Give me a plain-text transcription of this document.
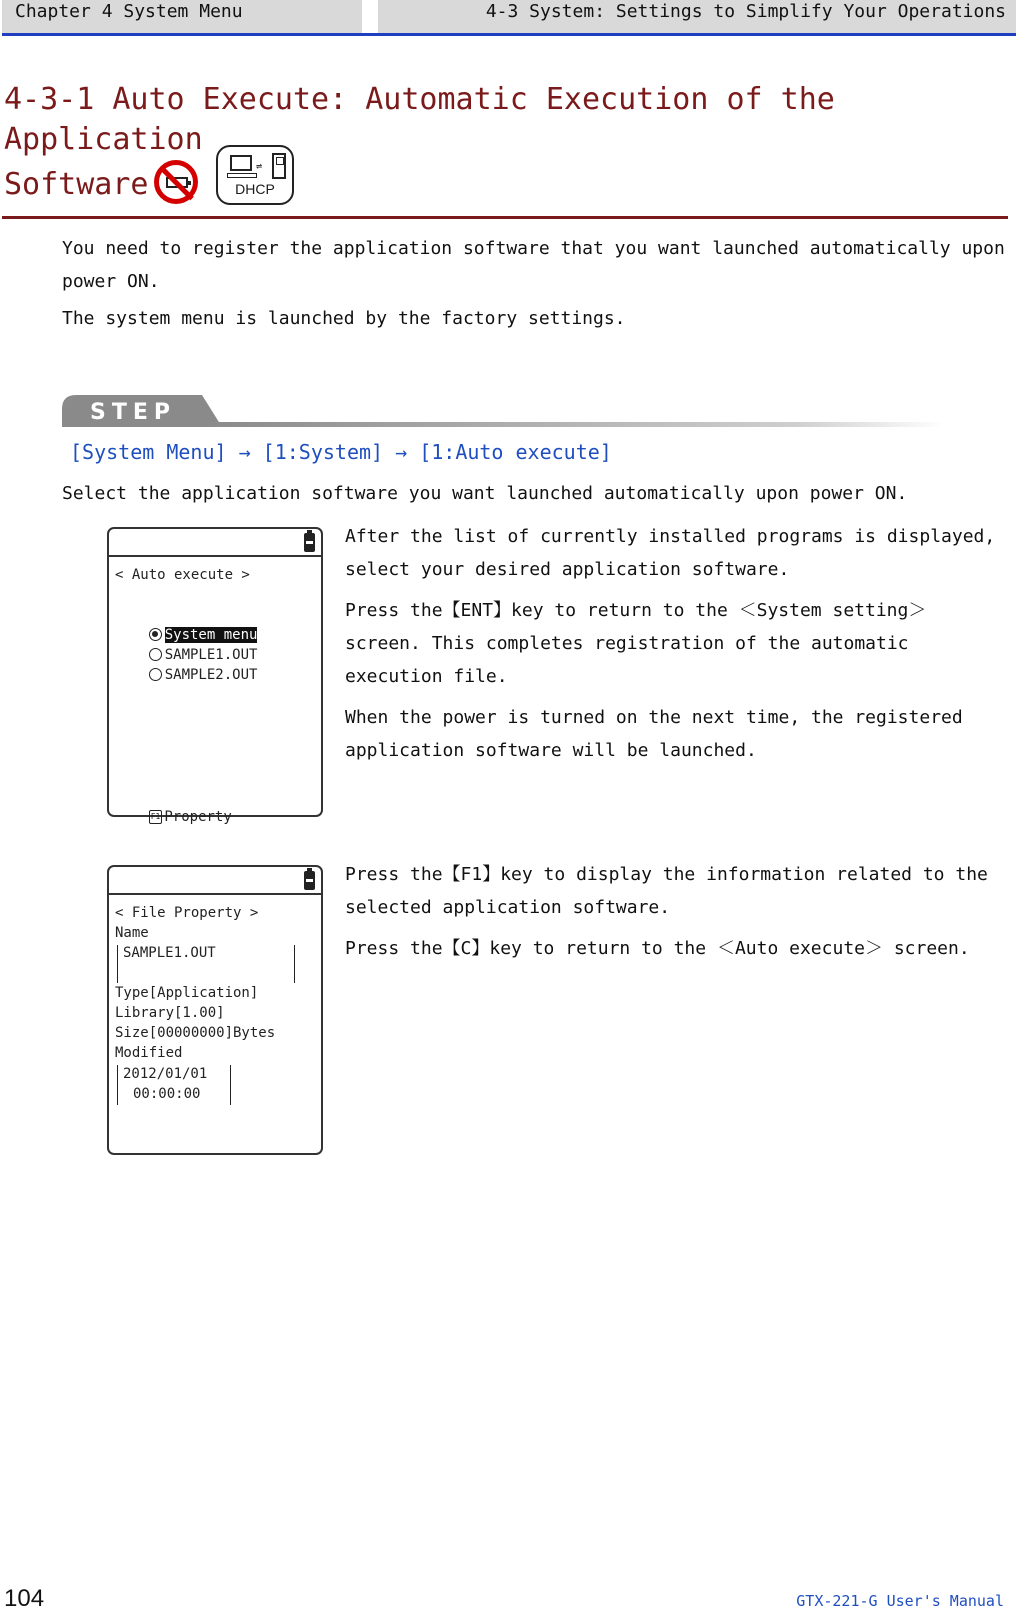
Chapter 4 System Menu	4-3 System: Settings to Simplify Your Operations
4-3-1 Auto Execute: Automatic Execution of the Application
Software
⇌
DHCP

You need to register the application software that you want launched automatically upon power ON.

The system menu is launched by the factory settings.

STEP
[System Menu] → [1:System] → [1:Auto execute]

Select the application software you want launched automatically upon power ON.

< Auto execute >

System menu

SAMPLE1.OUT

SAMPLE2.OUT

F1 Property

After the list of currently installed programs is displayed, select your desired application software.

Press the【ENT】key to return to the ＜System setting＞ screen. This completes registration of the automatic execution file.

When the power is turned on the next time, the registered application software will be launched.

< File Property >
Name
SAMPLE1.OUT
Type[Application]
Library[1.00]
Size[00000000]Bytes
Modified
2012/01/01
00:00:00

Press the【F1】key to display the information related to the selected application software.

Press the【C】key to return to the ＜Auto execute＞ screen.

104	GTX-221-G User's Manual
